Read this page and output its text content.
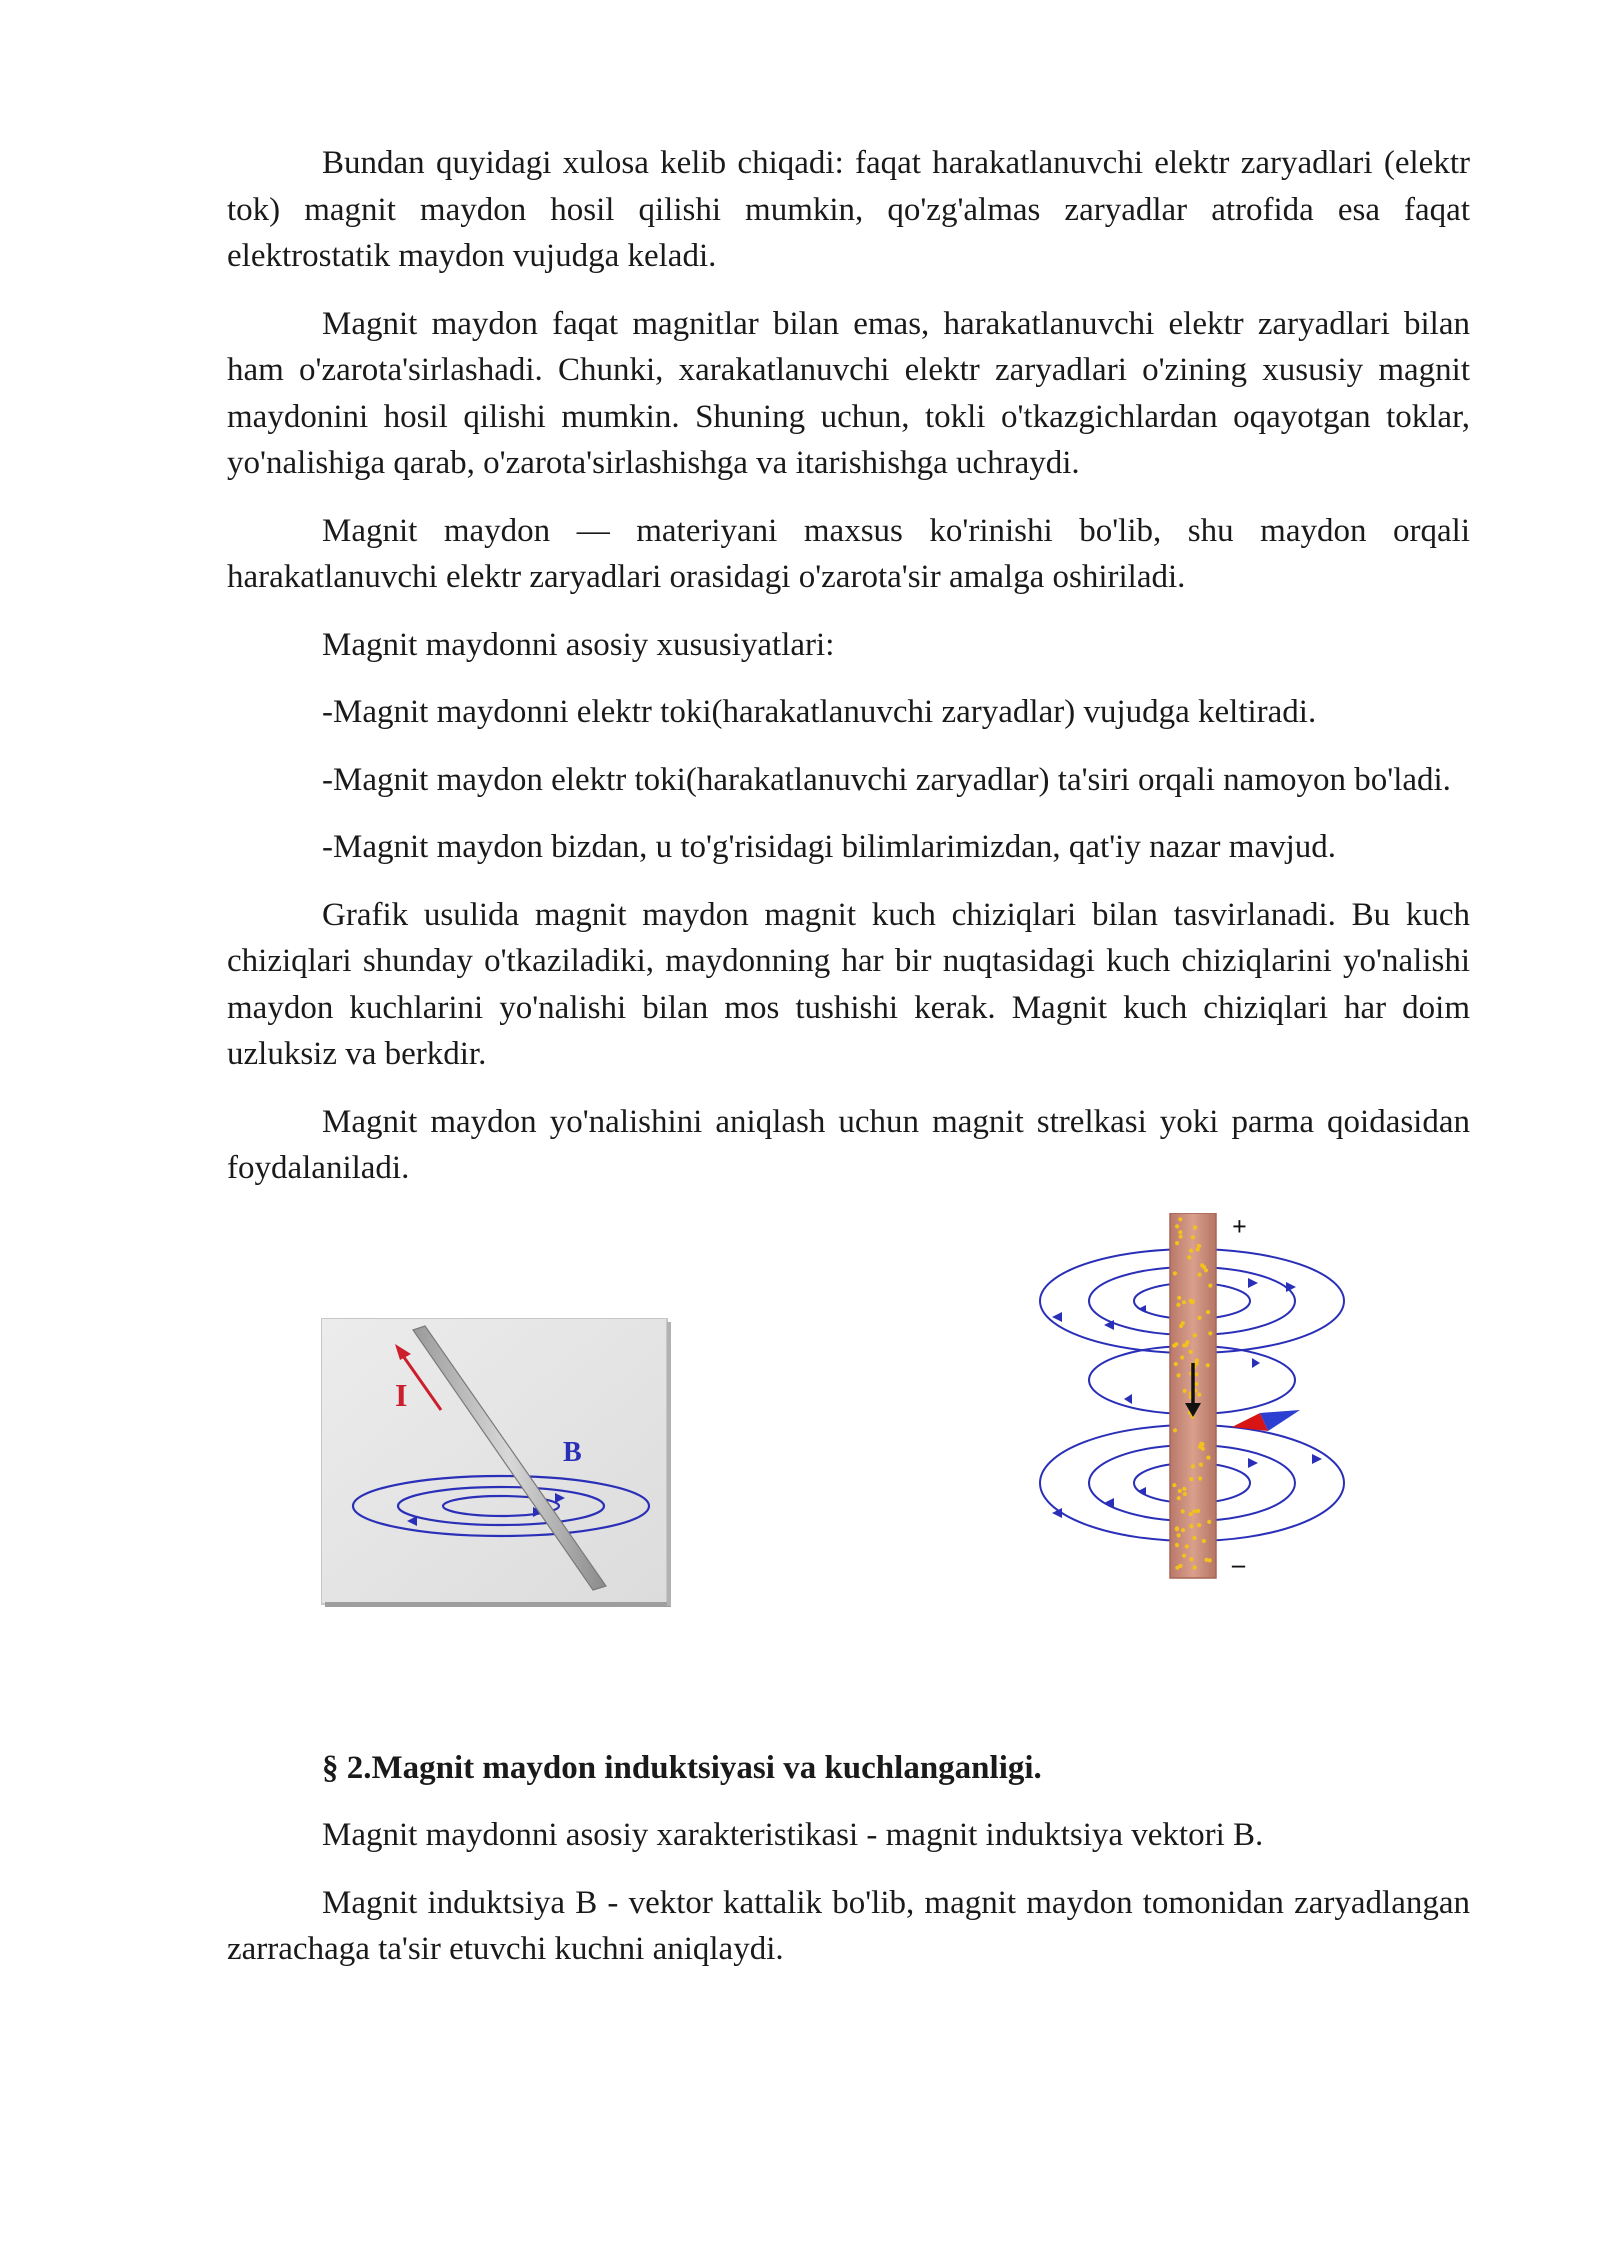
Bundan quyidagi xulosa kelib chiqadi: faqat harakatlanuvchi elektr zaryadlari (elektr tok) magnit maydon hosil qilishi mumkin, qo'zg'almas zaryadlar atrofida esa faqat elektrostatik maydon vujudga keladi.

Magnit maydon faqat magnitlar bilan emas, harakatlanuvchi elektr zaryadlari bilan ham o'zarota'sirlashadi. Chunki, xarakatlanuvchi elektr zaryadlari o'zining xususiy magnit maydonini hosil qilishi mumkin. Shuning uchun, tokli o'tkazgichlardan oqayotgan toklar, yo'nalishiga qarab, o'zarota'sirlashishga va itarishishga uchraydi.

Magnit maydon — materiyani maxsus ko'rinishi bo'lib, shu maydon orqali harakatlanuvchi elektr zaryadlari orasidagi o'zarota'sir amalga oshiriladi.

Magnit maydonni asosiy xususiyatlari:

-Magnit maydonni elektr toki(harakatlanuvchi zaryadlar) vujudga keltiradi.

-Magnit maydon elektr toki(harakatlanuvchi zaryadlar) ta'siri orqali namoyon bo'ladi.

-Magnit maydon bizdan, u to'g'risidagi bilimlarimizdan, qat'iy nazar mavjud.

Grafik usulida magnit maydon magnit kuch chiziqlari bilan tasvirlanadi. Bu kuch chiziqlari shunday o'tkaziladiki, maydonning har bir nuqtasidagi kuch chiziqlarini yo'nalishi maydon kuchlarini yo'nalishi bilan mos tushishi kerak. Magnit kuch chiziqlari har doim uzluksiz va berkdir.

Magnit maydon yo'nalishini aniqlash uchun magnit strelkasi yoki parma qoidasidan foydalaniladi.

I
B
+
–

§ 2.Magnit maydon induktsiyasi va kuchlanganligi.

Magnit maydonni asosiy xarakteristikasi - magnit induktsiya vektori B.

Magnit induktsiya B - vektor kattalik bo'lib, magnit maydon tomonidan zaryadlangan zarrachaga ta'sir etuvchi kuchni aniqlaydi.
